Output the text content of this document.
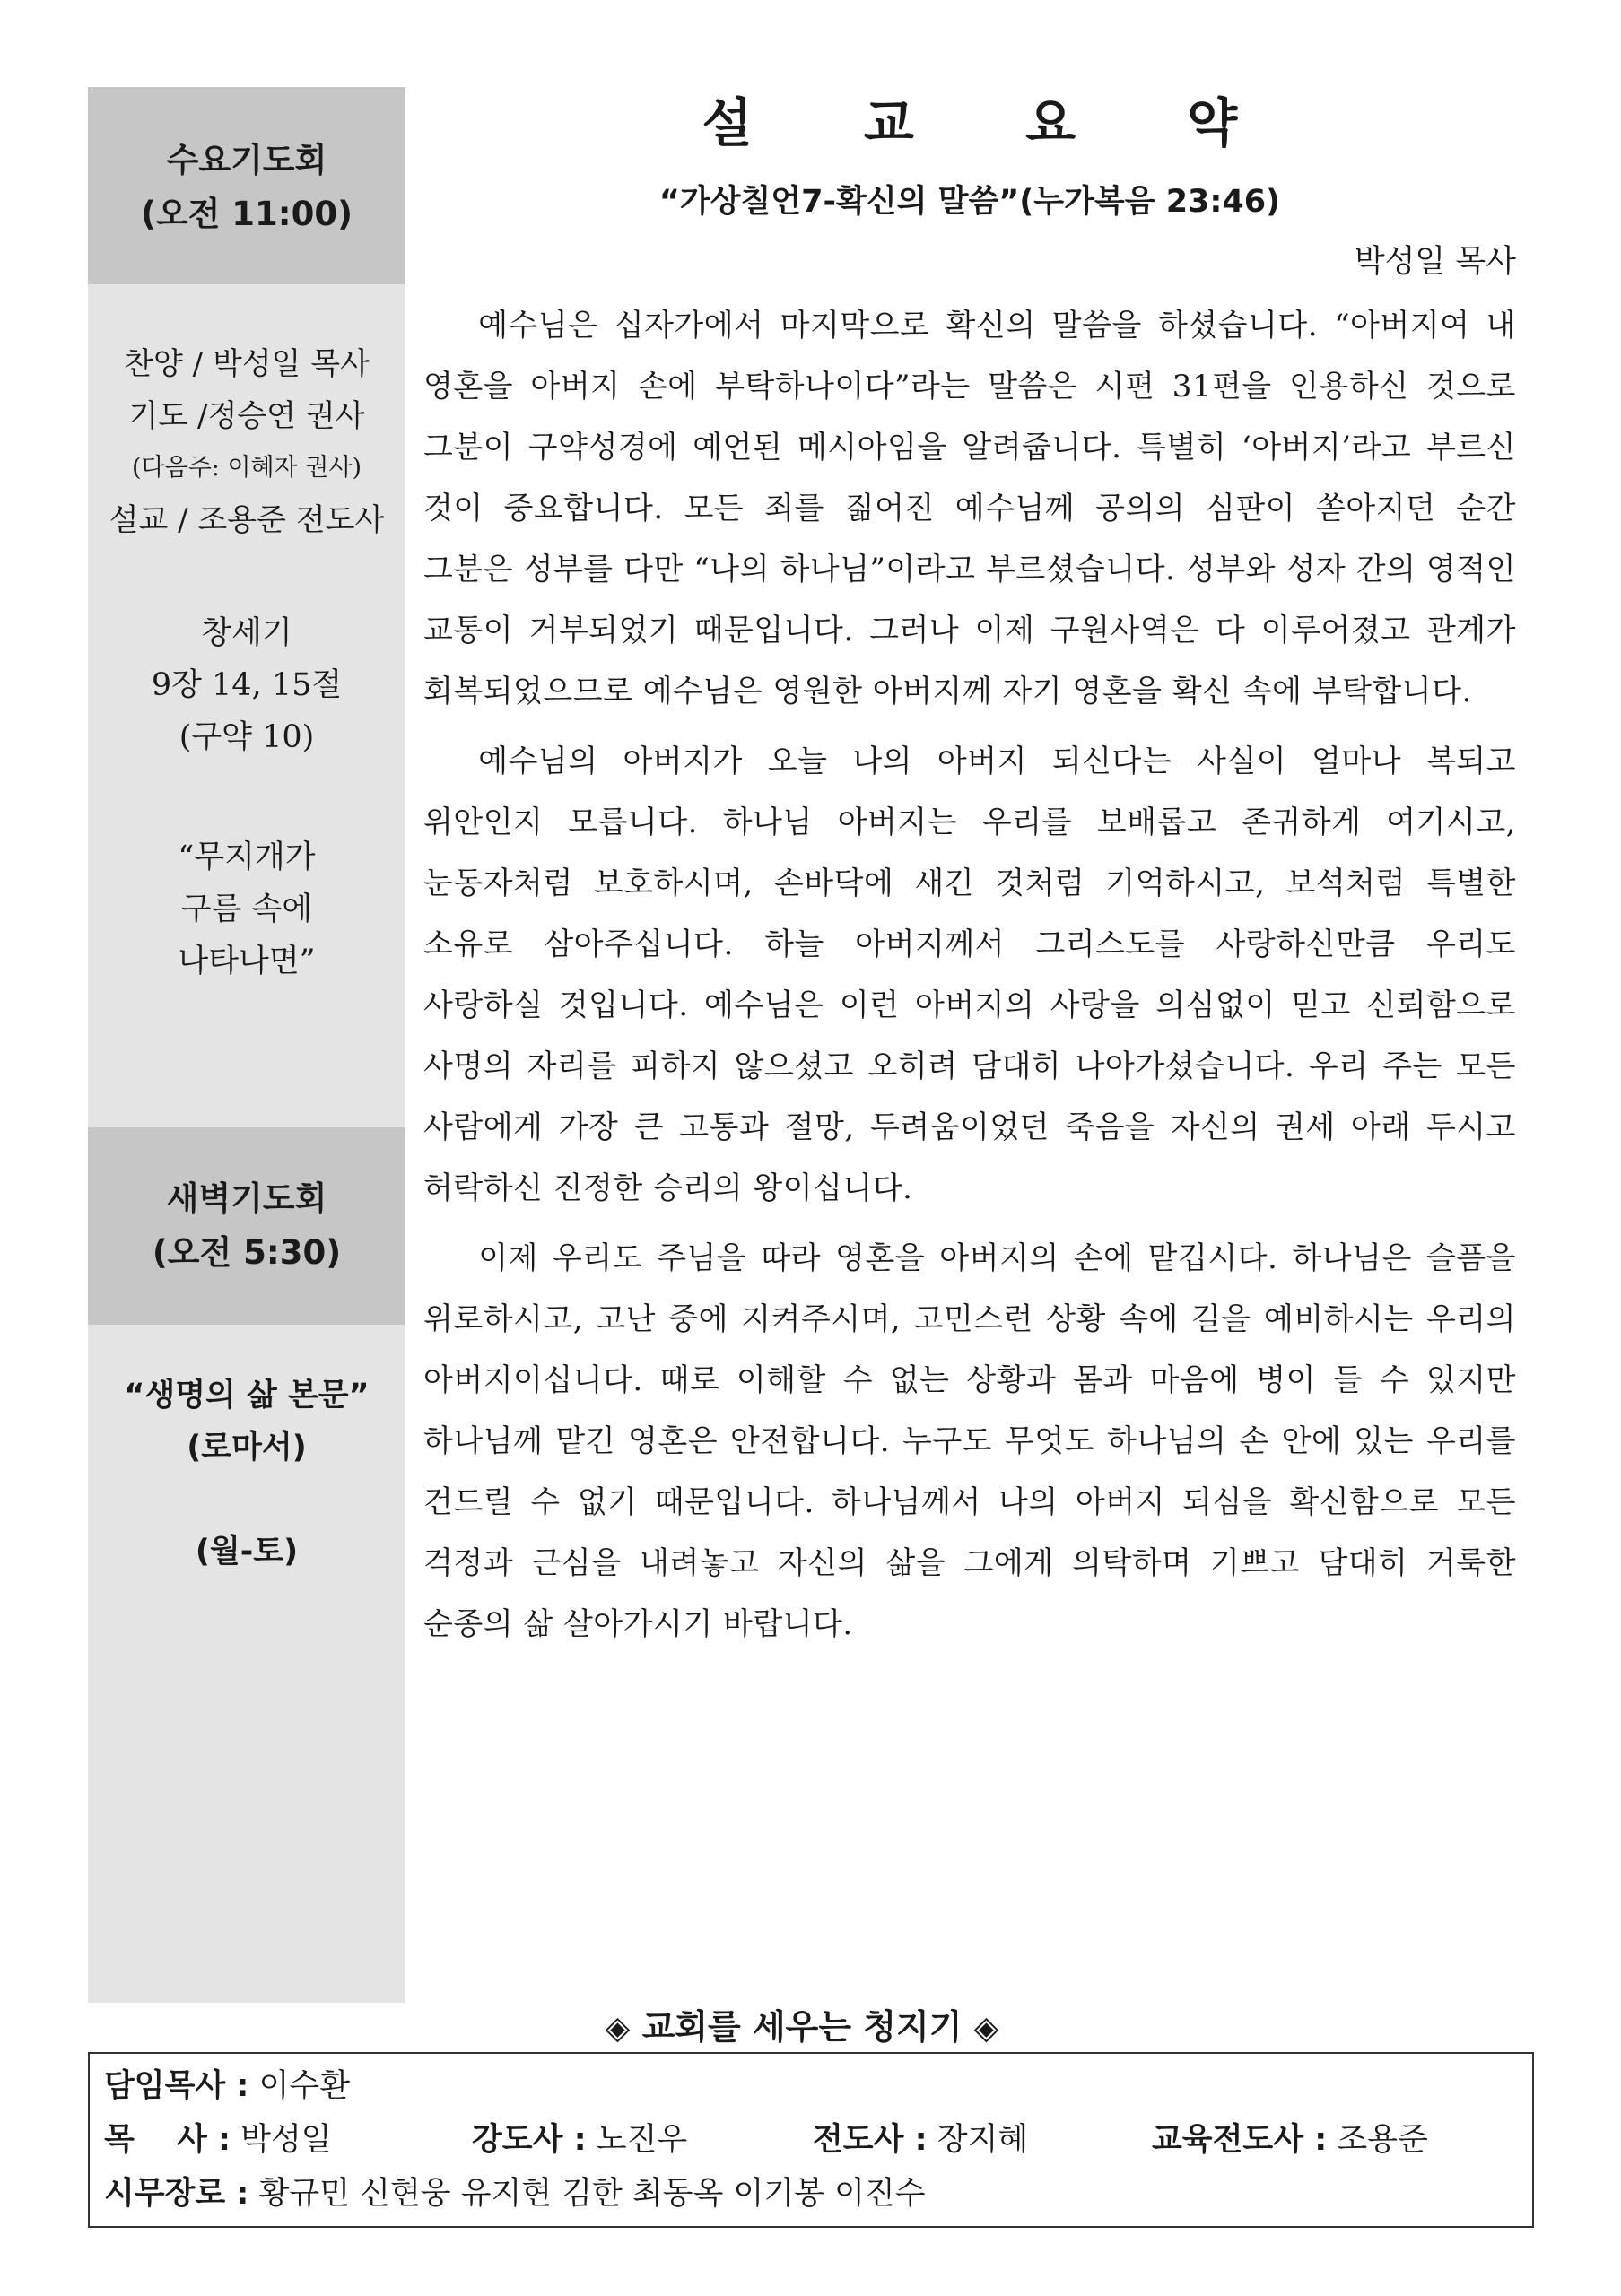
수요기도회
(오전 11:00)
찬양 / 박성일 목사
기도 /정승연 권사
(다음주: 이혜자 권사)
설교 / 조용준 전도사
창세기
9장 14, 15절
(구약 10)
“무지개가
구름 속에
나타나면”
새벽기도회
(오전 5:30)
“생명의 삶 본문”
(로마서)
(월-토)
설 교 요 약
“가상칠언7-확신의 말씀”(누가복음 23:46)
박성일 목사

예수님은 십자가에서 마지막으로 확신의 말씀을 하셨습니다. “아버지여 내 영혼을 아버지 손에 부탁하나이다”라는 말씀은 시편 31편을 인용하신 것으로 그분이 구약성경에 예언된 메시아임을 알려줍니다. 특별히 ‘아버지’라고 부르신 것이 중요합니다. 모든 죄를 짊어진 예수님께 공의의 심판이 쏟아지던 순간 그분은 성부를 다만 “나의 하나님”이라고 부르셨습니다. 성부와 성자 간의 영적인 교통이 거부되었기 때문입니다. 그러나 이제 구원사역은 다 이루어졌고 관계가 회복되었으므로 예수님은 영원한 아버지께 자기 영혼을 확신 속에 부탁합니다.

예수님의 아버지가 오늘 나의 아버지 되신다는 사실이 얼마나 복되고 위안인지 모릅니다. 하나님 아버지는 우리를 보배롭고 존귀하게 여기시고, 눈동자처럼 보호하시며, 손바닥에 새긴 것처럼 기억하시고, 보석처럼 특별한 소유로 삼아주십니다. 하늘 아버지께서 그리스도를 사랑하신만큼 우리도 사랑하실 것입니다. 예수님은 이런 아버지의 사랑을 의심없이 믿고 신뢰함으로 사명의 자리를 피하지 않으셨고 오히려 담대히 나아가셨습니다. 우리 주는 모든 사람에게 가장 큰 고통과 절망, 두려움이었던 죽음을 자신의 권세 아래 두시고 허락하신 진정한 승리의 왕이십니다.

이제 우리도 주님을 따라 영혼을 아버지의 손에 맡깁시다. 하나님은 슬픔을 위로하시고, 고난 중에 지켜주시며, 고민스런 상황 속에 길을 예비하시는 우리의 아버지이십니다. 때로 이해할 수 없는 상황과 몸과 마음에 병이 들 수 있지만 하나님께 맡긴 영혼은 안전합니다. 누구도 무엇도 하나님의 손 안에 있는 우리를 건드릴 수 없기 때문입니다. 하나님께서 나의 아버지 되심을 확신함으로 모든 걱정과 근심을 내려놓고 자신의 삶을 그에게 의탁하며 기쁘고 담대히 거룩한 순종의 삶 살아가시기 바랍니다.

◈ 교회를 세우는 청지기 ◈
담임목사 : 이수환
목　 사 : 박성일	강도사 : 노진우	전도사 : 장지혜	교육전도사 : 조용준
시무장로 : 황규민 신현웅 유지현 김한 최동옥 이기봉 이진수
